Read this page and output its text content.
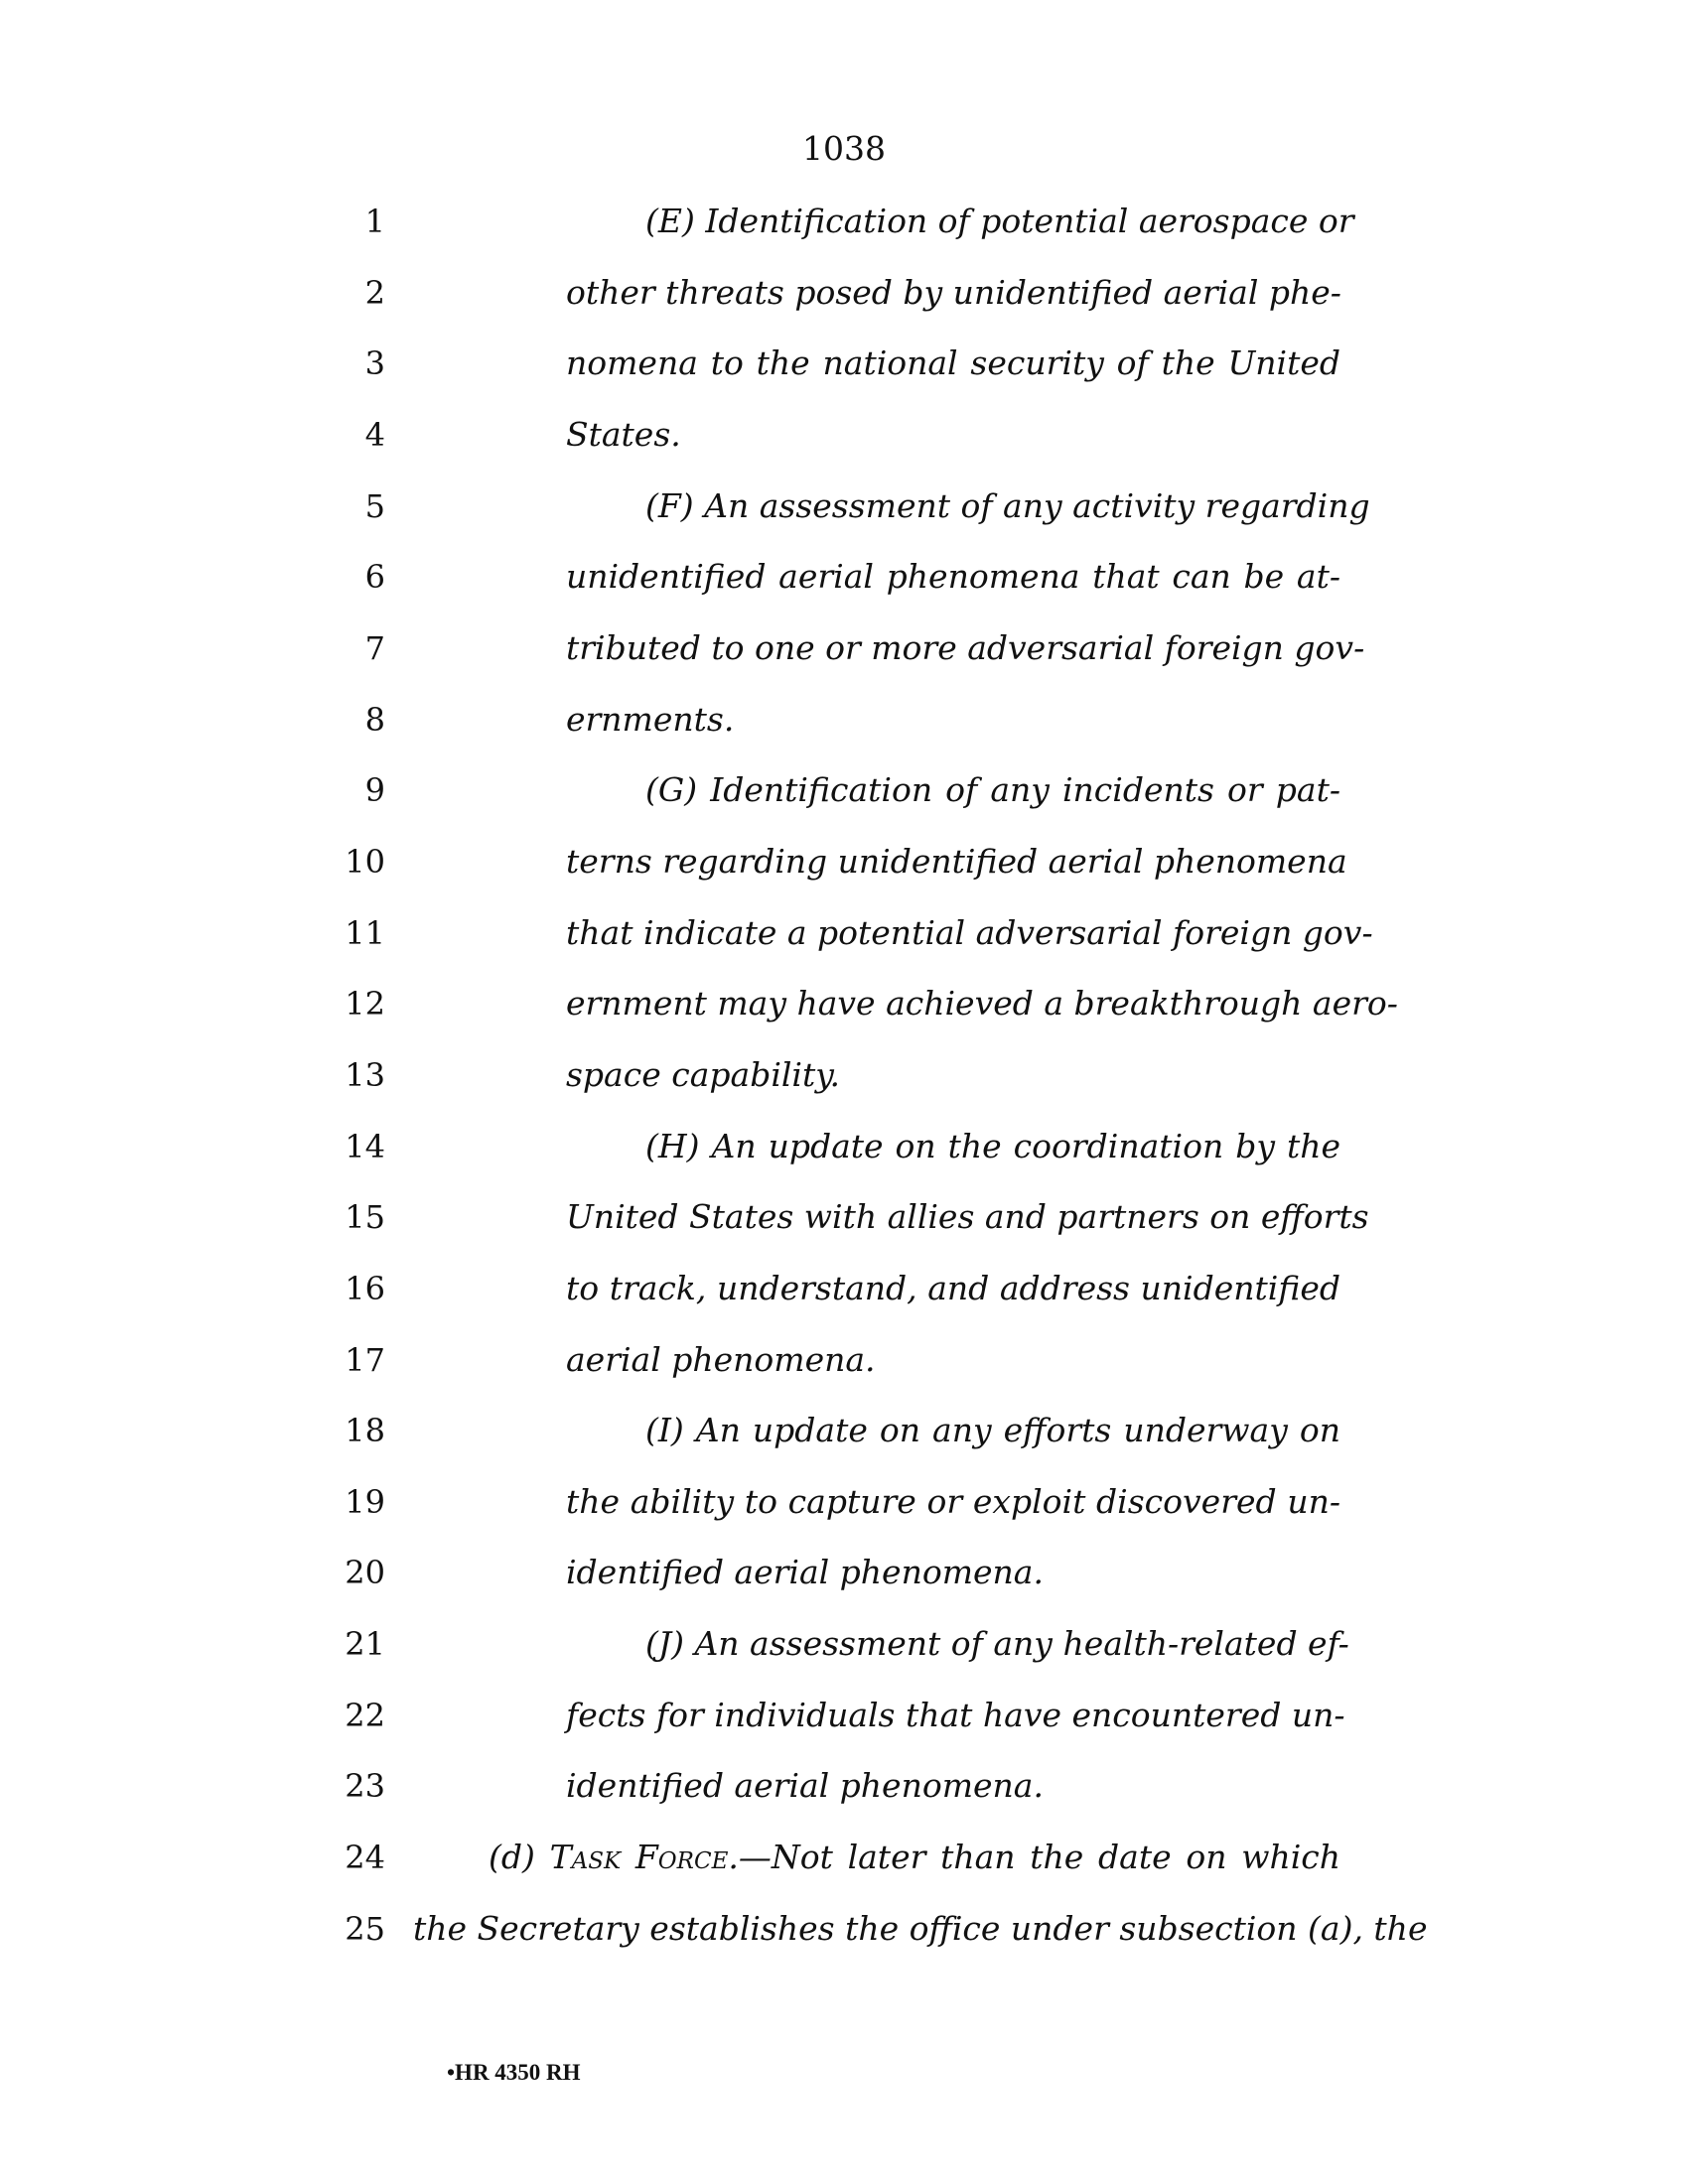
1038
1	(E) Identification of potential aerospace or
2	other threats posed by unidentified aerial phe-
3	nomena to the national security of the United
4	States.
5	(F) An assessment of any activity regarding
6	unidentified aerial phenomena that can be at-
7	tributed to one or more adversarial foreign gov-
8	ernments.
9	(G) Identification of any incidents or pat-
10	terns regarding unidentified aerial phenomena
11	that indicate a potential adversarial foreign gov-
12	ernment may have achieved a breakthrough aero-
13	space capability.
14	(H) An update on the coordination by the
15	United States with allies and partners on efforts
16	to track, understand, and address unidentified
17	aerial phenomena.
18	(I) An update on any efforts underway on
19	the ability to capture or exploit discovered un-
20	identified aerial phenomena.
21	(J) An assessment of any health-related ef-
22	fects for individuals that have encountered un-
23	identified aerial phenomena.
24	(d) Task Force.—Not later than the date on which
25 the Secretary establishes the office under subsection (a), the
•HR 4350 RH
